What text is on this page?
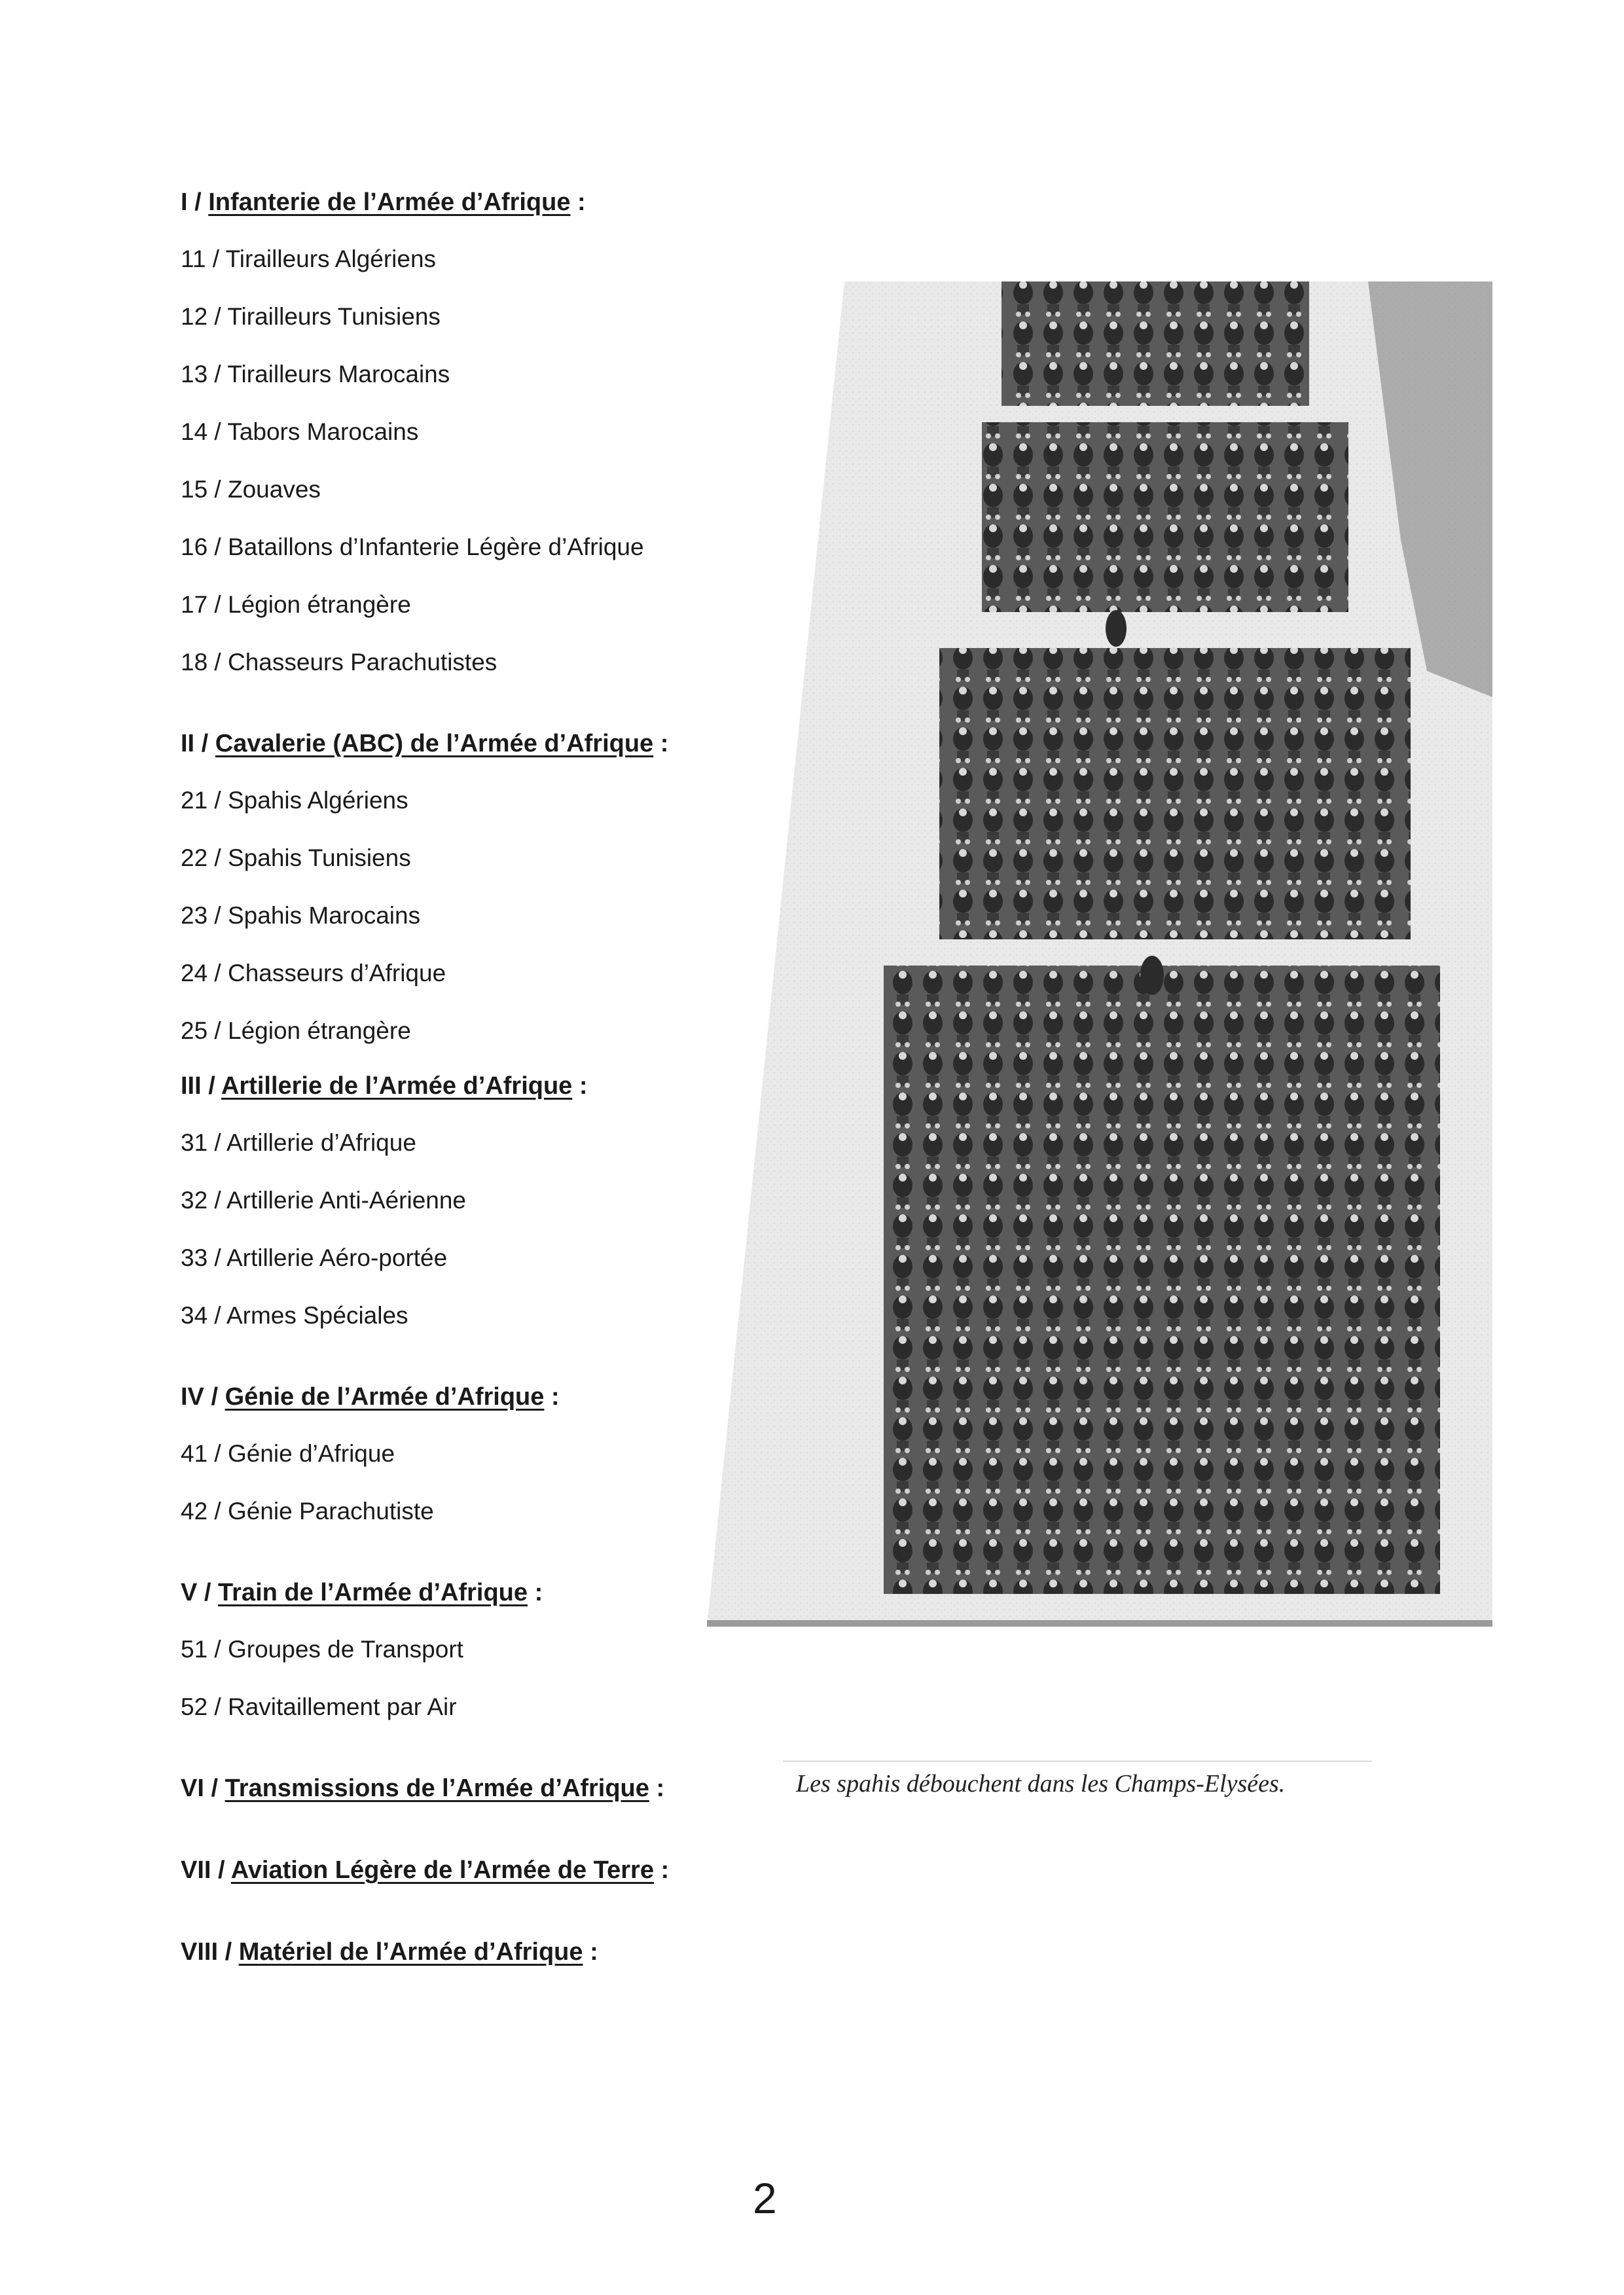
I / Infanterie de l’Armée d’Afrique :

11 / Tirailleurs Algériens

12 / Tirailleurs Tunisiens

13 / Tirailleurs Marocains

14 / Tabors Marocains

15 / Zouaves

16 / Bataillons d’Infanterie Légère d’Afrique

17 / Légion étrangère

18 / Chasseurs Parachutistes

II / Cavalerie (ABC) de l’Armée d’Afrique :

21 / Spahis Algériens

22 / Spahis Tunisiens

23 / Spahis Marocains

24 / Chasseurs d’Afrique

25 / Légion étrangère

III / Artillerie de l’Armée d’Afrique :

31 / Artillerie d’Afrique

32 / Artillerie Anti-Aérienne

33 / Artillerie Aéro-portée

34 / Armes Spéciales

IV / Génie de l’Armée d’Afrique :

41 / Génie d’Afrique

42 / Génie Parachutiste

V / Train de l’Armée d’Afrique :

51 / Groupes de Transport

52 / Ravitaillement par Air

VI / Transmissions de l’Armée d’Afrique :

VII / Aviation Légère de l’Armée de Terre :

VIII / Matériel de l’Armée d’Afrique :

Les spahis débouchent dans les Champs-Elysées.
2
